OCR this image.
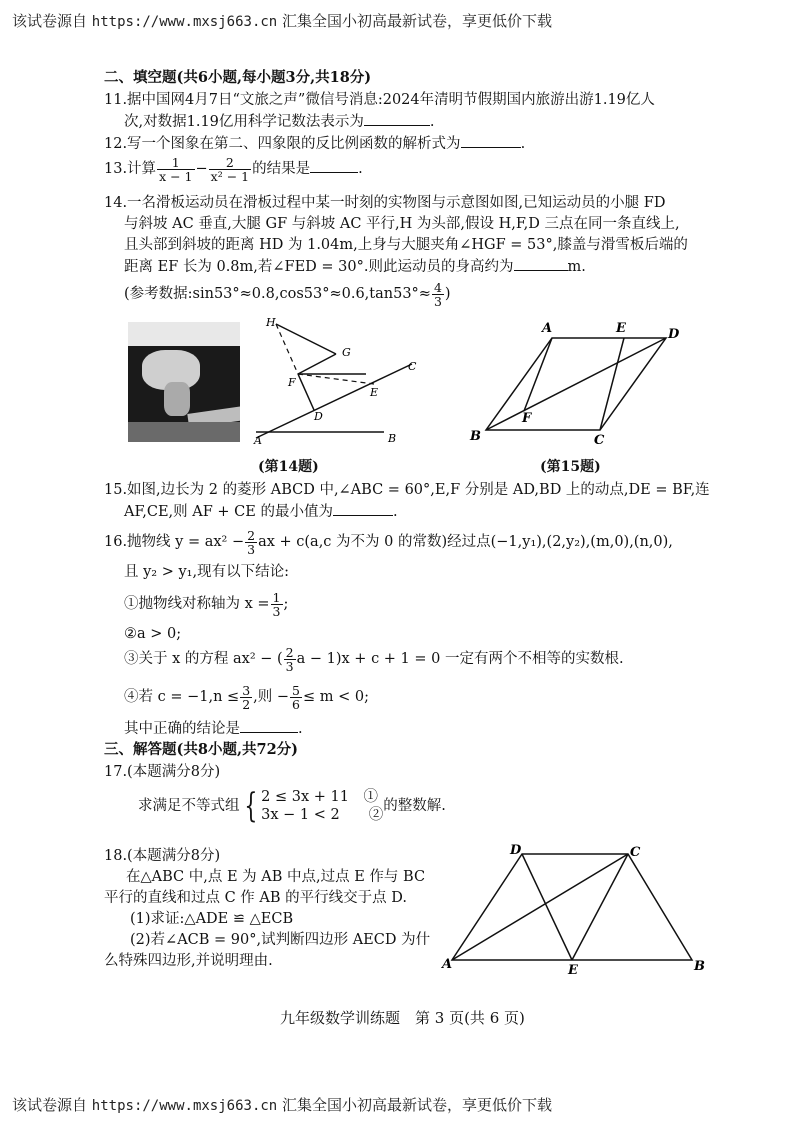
该试卷源自 https://www.mxsj663.cn 汇集全国小初高最新试卷，享更低价下载
二、填空题(共6小题,每小题3分,共18分)
11.据中国网4月7日“文旅之声”微信号消息:2024年清明节假期国内旅游出游1.19亿人
次,对数据1.19亿用科学记数法表示为	.
12.写一个图象在第二、四象限的反比例函数的解析式为	.
13.计算 $\frac{1}{x - 1} - \frac{2}{\text{x² − 1}}$ 的结果是	.
14.一名滑板运动员在滑板过程中某一时刻的实物图与示意图如图,已知运动员的小腿 FD
与斜坡 AC 垂直,大腿 GF 与斜坡 AC 平行,H 为头部,假设 H,F,D 三点在同一条直线上,
且头部到斜坡的距离 HD 为 1.04m,上身与大腿夹角∠HGF = 53°,膝盖与滑雪板后端的
距离 EF 长为 0.8m,若∠FED = 30°.则此运动员的身高约为	m.
(参考数据:sin53°≈0.8,cos53°≈0.6,tan53°≈ $\frac{4}{3}$ )
H
G
F
E
C
D
A	B
(第14题)
A	E	D
F
B	C
(第15题)
15.如图,边长为 2 的菱形 ABCD 中,∠ABC = 60°,E,F 分别是 AD,BD 上的动点,DE = BF,连
AF,CE,则 AF + CE 的最小值为	.
16.抛物线 $y = ax^2 - \frac{2}{3}$ ax + c(a,c 为不为 0 的常数)经过点(−1,y₁),(2,y₂),(m,0),(n,0),
且 y₂ > y₁,现有以下结论:
①抛物线对称轴为 $x = \frac{1}{3}$ ;
②a > 0;
③关于 x 的方程 ax² − ( $\frac{2}{3}$ a − 1)x + c + 1 = 0 一定有两个不相等的实数根.
④若 $c = -1,n \le \frac{3}{2}$ ,则 − $\frac{5}{6} \le m < 0$;
其中正确的结论是	.
三、解答题(共8小题,共72分)
17.(本题满分8分)
求满足不等式组 { 2 ≤ 3x + 11　 ①
3x − 1 < 2　　 ②的整数解.
18.(本题满分8分)
在△ABC 中,点 E 为 AB 中点,过点 E 作与 BC
平行的直线和过点 C 作 AB 的平行线交于点 D.
(1)求证:△ADE ≌ △ECB
(2)若∠ACB = 90°,试判断四边形 AECD 为什
么特殊四边形,并说明理由.
D	C
A	E	B
九年级数学训练题　第 3 页(共 6 页)
该试卷源自 https://www.mxsj663.cn 汇集全国小初高最新试卷，享更低价下载
